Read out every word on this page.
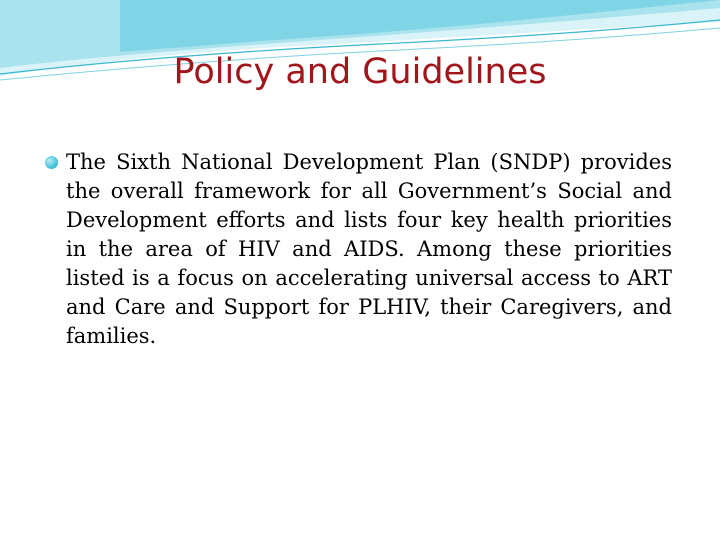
Policy and Guidelines
The Sixth National Development Plan (SNDP) provides the overall framework for all Government’s Social and Development efforts and lists four key health priorities in the area of HIV and AIDS. Among these priorities listed is a focus on accelerating universal access to ART and Care and Support for PLHIV, their Caregivers, and families.
